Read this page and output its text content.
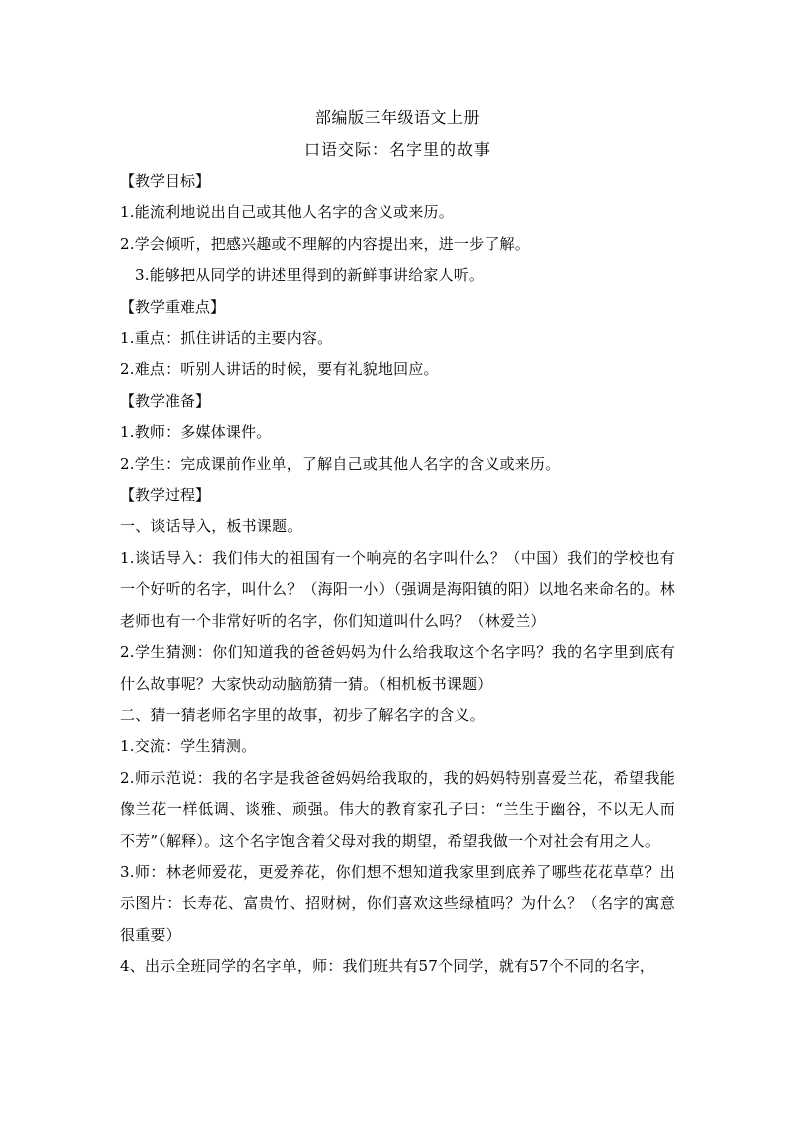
部编版三年级语文上册
口语交际：名字里的故事
【教学目标】
1.能流利地说出自己或其他人名字的含义或来历。
2.学会倾听，把感兴趣或不理解的内容提出来，进一步了解。
3.能够把从同学的讲述里得到的新鲜事讲给家人听。
【教学重难点】
1.重点：抓住讲话的主要内容。
2.难点：听别人讲话的时候，要有礼貌地回应。
【教学准备】
1.教师：多媒体课件。
2.学生：完成课前作业单，了解自己或其他人名字的含义或来历。
【教学过程】
一、谈话导入，板书课题。
1.谈话导入：我们伟大的祖国有一个响亮的名字叫什么？（中国）我们的学校也有一个好听的名字，叫什么？（海阳一小）（强调是海阳镇的阳）以地名来命名的。林老师也有一个非常好听的名字，你们知道叫什么吗？（林爱兰）
2.学生猜测：你们知道我的爸爸妈妈为什么给我取这个名字吗？我的名字里到底有什么故事呢？大家快动动脑筋猜一猜。（相机板书课题）
二、猜一猜老师名字里的故事，初步了解名字的含义。
1.交流：学生猜测。
2.师示范说：我的名字是我爸爸妈妈给我取的，我的妈妈特别喜爱兰花，希望我能像兰花一样低调、谈雅、顽强。伟大的教育家孔子曰：“兰生于幽谷，不以无人而不芳”（解释）。这个名字饱含着父母对我的期望，希望我做一个对社会有用之人。
3.师：林老师爱花，更爱养花，你们想不想知道我家里到底养了哪些花花草草？出示图片：长寿花、富贵竹、招财树，你们喜欢这些绿植吗？为什么？（名字的寓意很重要）
4、出示全班同学的名字单，师：我们班共有57个同学，就有57个不同的名字，
